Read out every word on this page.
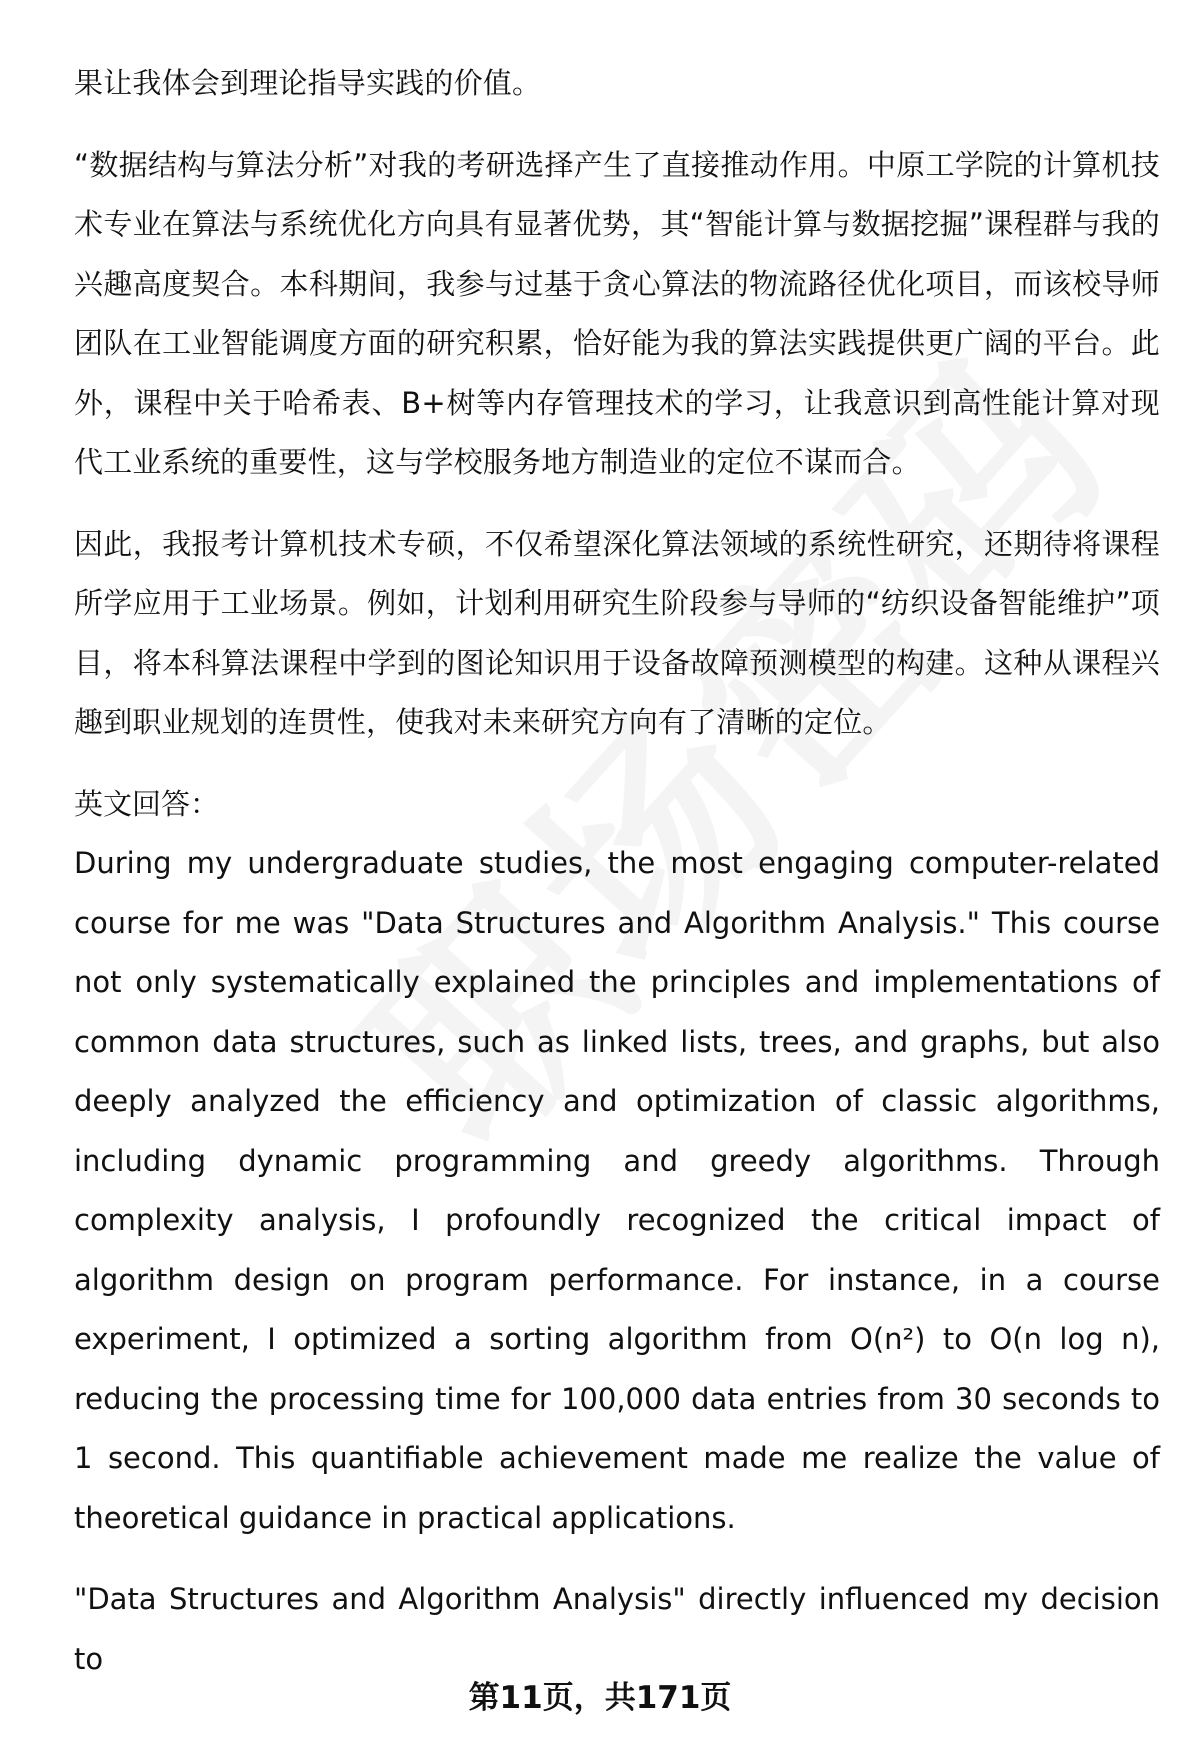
果让我体会到理论指导实践的价值。

“数据结构与算法分析”对我的考研选择产生了直接推动作用。中原工学院的计算机技术专业在算法与系统优化方向具有显著优势，其“智能计算与数据挖掘”课程群与我的兴趣高度契合。本科期间，我参与过基于贪心算法的物流路径优化项目，而该校导师团队在工业智能调度方面的研究积累，恰好能为我的算法实践提供更广阔的平台。此外，课程中关于哈希表、B+树等内存管理技术的学习，让我意识到高性能计算对现代工业系统的重要性，这与学校服务地方制造业的定位不谋而合。

因此，我报考计算机技术专硕，不仅希望深化算法领域的系统性研究，还期待将课程所学应用于工业场景。例如，计划利用研究生阶段参与导师的“纺织设备智能维护”项目，将本科算法课程中学到的图论知识用于设备故障预测模型的构建。这种从课程兴趣到职业规划的连贯性，使我对未来研究方向有了清晰的定位。

英文回答：

During my undergraduate studies, the most engaging computer-related course for me was "Data Structures and Algorithm Analysis." This course not only systematically explained the principles and implementations of common data structures, such as linked lists, trees, and graphs, but also deeply analyzed the efficiency and optimization of classic algorithms, including dynamic programming and greedy algorithms. Through complexity analysis, I profoundly recognized the critical impact of algorithm design on program performance. For instance, in a course experiment, I optimized a sorting algorithm from O(n²) to O(n log n), reducing the processing time for 100,000 data entries from 30 seconds to 1 second. This quantifiable achievement made me realize the value of theoretical guidance in practical applications.

"Data Structures and Algorithm Analysis" directly influenced my decision to

第11页，共171页
